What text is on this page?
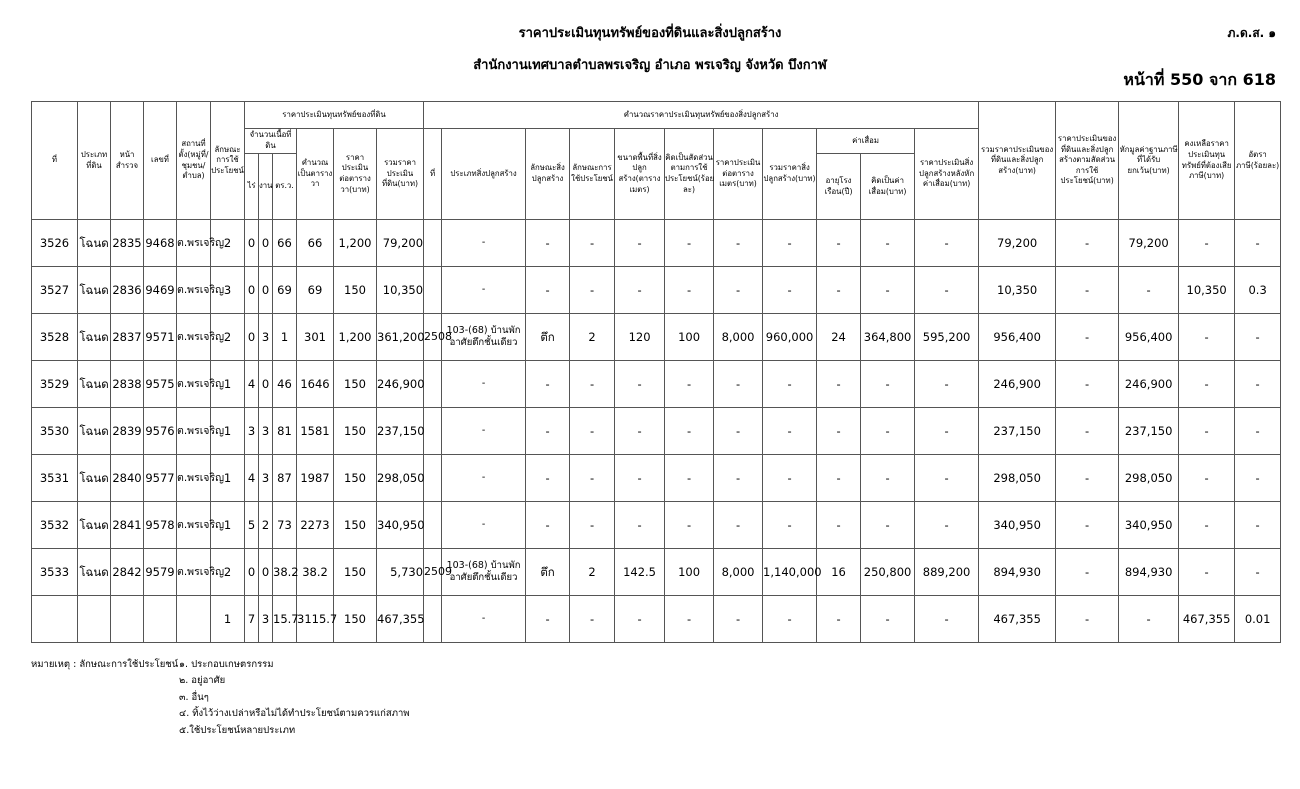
ราคาประเมินทุนทรัพย์ของที่ดินและสิ่งปลูกสร้าง
สำนักงานเทศบาลตำบลพรเจริญ อำเภอ พรเจริญ จังหวัด บึงกาฬ
ภ.ด.ส. ๑
หน้าที่ 550 จาก 618
ที่	ประเภทที่ดิน	หน้าสำรวจ	เลขที่	สถานที่ตั้ง(หมู่ที่/ชุมชน/ตำบล)	ลักษณะการใช้ประโยชน์	ราคาประเมินทุนทรัพย์ของที่ดิน						คำนวณราคาประเมินทุนทรัพย์ของสิ่งปลูกสร้าง											รวมราคาประเมินของที่ดินและสิ่งปลูกสร้าง(บาท)	ราคาประเมินของที่ดินและสิ่งปลูกสร้างตามสัดส่วนการใช้ประโยชน์(บาท)	หักมูลค่าฐานภาษีที่ได้รับยกเว้น(บาท)	คงเหลือราคาประเมินทุนทรัพย์ที่ต้องเสียภาษี(บาท)	อัตราภาษี(ร้อยละ)
						จำนวนเนื้อที่ดิน			คำนวณเป็นตารางวา	ราคาประเมินต่อตารางวา(บาท)	รวมราคาประเมินที่ดิน(บาท)	ที่	ประเภทสิ่งปลูกสร้าง	ลักษณะสิ่งปลูกสร้าง	ลักษณะการใช้ประโยชน์	ขนาดพื้นที่สิ่งปลูกสร้าง(ตารางเมตร)	คิดเป็นสัดส่วนตามการใช้ประโยชน์(ร้อยละ)	ราคาประเมินต่อตารางเมตร(บาท)	รวมราคาสิ่งปลูกสร้าง(บาท)	ค่าเสื่อม		ราคาประเมินสิ่งปลูกสร้างหลังหักค่าเสื่อม(บาท)					
						ไร่	งาน	ตร.ว.												อายุโรงเรือน(ปี)	คิดเป็นค่าเสื่อม(บาท)						
3526	โฉนด	2835	9468	ต.พรเจริญ	2	0	0	66	66	1,200	79,200		-	-	-	-	-	-	-	-	-	-	79,200	-	79,200	-	-
3527	โฉนด	2836	9469	ต.พรเจริญ	3	0	0	69	69	150	10,350		-	-	-	-	-	-	-	-	-	-	10,350	-	-	10,350	0.3
3528	โฉนด	2837	9571	ต.พรเจริญ	2	0	3	1	301	1,200	361,200	2508	103-(68) บ้านพักอาศัยตึกชั้นเดียว	ตึก	2	120	100	8,000	960,000	24	364,800	595,200	956,400	-	956,400	-	-
3529	โฉนด	2838	9575	ต.พรเจริญ	1	4	0	46	1646	150	246,900		-	-	-	-	-	-	-	-	-	-	246,900	-	246,900	-	-
3530	โฉนด	2839	9576	ต.พรเจริญ	1	3	3	81	1581	150	237,150		-	-	-	-	-	-	-	-	-	-	237,150	-	237,150	-	-
3531	โฉนด	2840	9577	ต.พรเจริญ	1	4	3	87	1987	150	298,050		-	-	-	-	-	-	-	-	-	-	298,050	-	298,050	-	-
3532	โฉนด	2841	9578	ต.พรเจริญ	1	5	2	73	2273	150	340,950		-	-	-	-	-	-	-	-	-	-	340,950	-	340,950	-	-
3533	โฉนด	2842	9579	ต.พรเจริญ	2	0	0	38.2	38.2	150	5,730	2509	103-(68) บ้านพักอาศัยตึกชั้นเดียว	ตึก	2	142.5	100	8,000	1,140,000	16	250,800	889,200	894,930	-	894,930	-	-
					1	7	3	15.7	3115.7	150	467,355		-	-	-	-	-	-	-	-	-	-	467,355	-	-	467,355	0.01
หมายเหตุ : ลักษณะการใช้ประโยชน์๑. ประกอบเกษตรกรรม
๒. อยู่อาศัย
๓. อื่นๆ
๔. ทิ้งไว้ว่างเปล่าหรือไม่ได้ทำประโยชน์ตามควรแก่สภาพ
๕.ใช้ประโยชน์หลายประเภท
